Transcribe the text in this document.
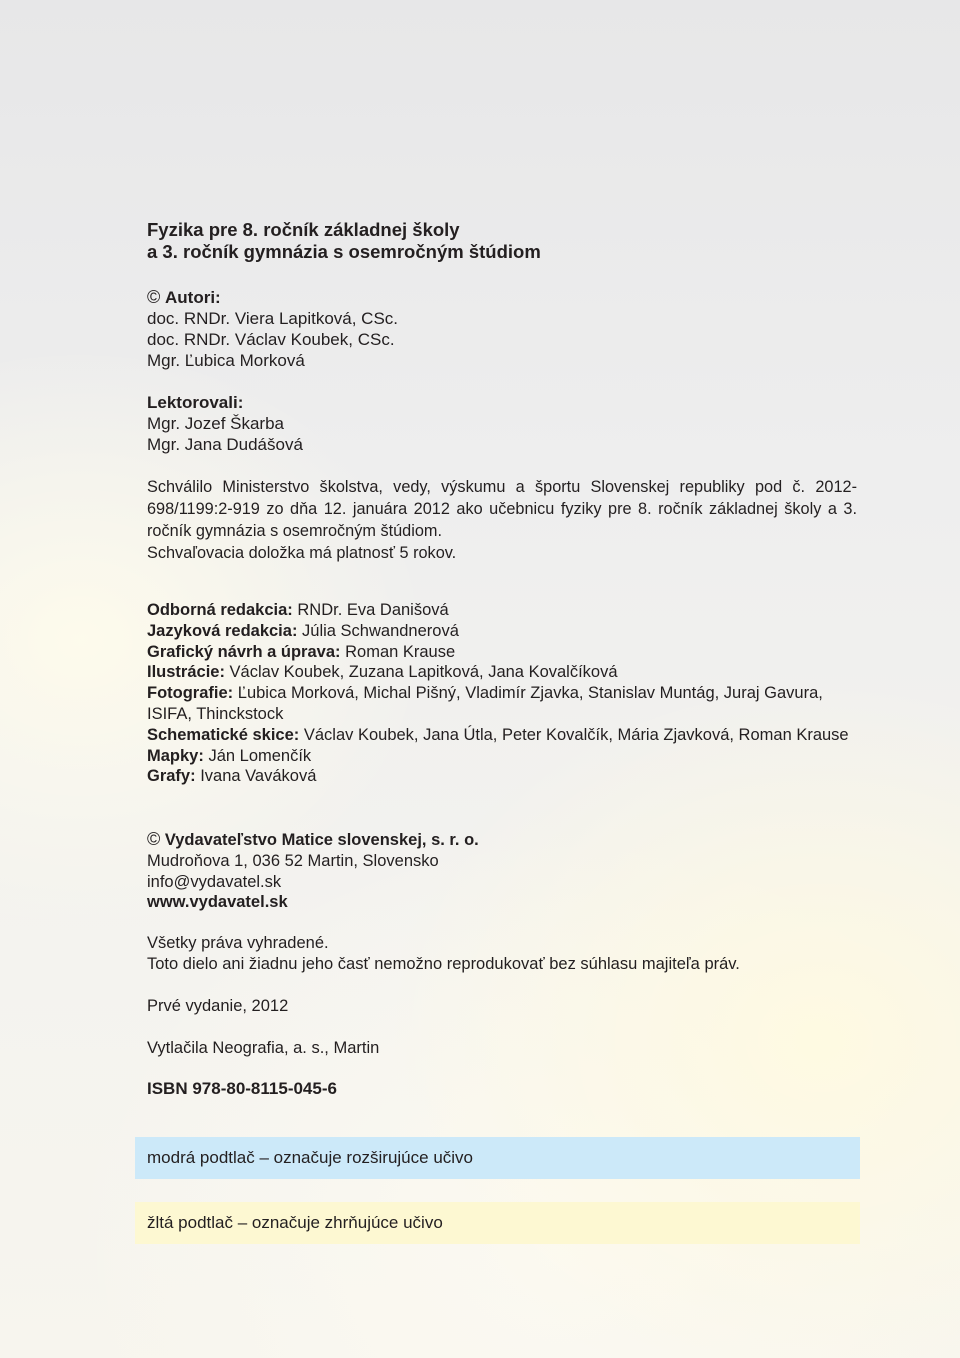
Fyzika pre 8. ročník základnej školy
a 3. ročník gymnázia s osemročným štúdiom
© Autori:
doc. RNDr. Viera Lapitková, CSc.
doc. RNDr. Václav Koubek, CSc.
Mgr. Ľubica Morková
Lektorovali:
Mgr. Jozef Škarba
Mgr. Jana Dudášová
Schválilo Ministerstvo školstva, vedy, výskumu a športu Slovenskej republiky pod č. 2012-698/1199:2-919 zo dňa 12. januára 2012 ako učebnicu fyziky pre 8. ročník základnej školy a 3. ročník gymnázia s osemročným štúdiom.
Schvaľovacia doložka má platnosť 5 rokov.
Odborná redakcia: RNDr. Eva Danišová
Jazyková redakcia: Júlia Schwandnerová
Grafický návrh a úprava: Roman Krause
Ilustrácie: Václav Koubek, Zuzana Lapitková, Jana Kovalčíková
Fotografie: Ľubica Morková, Michal Pišný, Vladimír Zjavka, Stanislav Muntág, Juraj Gavura, ISIFA, Thinckstock
Schematické skice: Václav Koubek, Jana Útla, Peter Kovalčík, Mária Zjavková, Roman Krause
Mapky: Ján Lomenčík
Grafy: Ivana Vaváková
© Vydavateľstvo Matice slovenskej, s. r. o.
Mudroňova 1, 036 52 Martin, Slovensko
info@vydavatel.sk
www.vydavatel.sk
Všetky práva vyhradené.
Toto dielo ani žiadnu jeho časť nemožno reprodukovať bez súhlasu majiteľa práv.
Prvé vydanie, 2012
Vytlačila Neografia, a. s., Martin
ISBN 978-80-8115-045-6
modrá podtlač – označuje rozširujúce učivo
žltá podtlač – označuje zhrňujúce učivo
